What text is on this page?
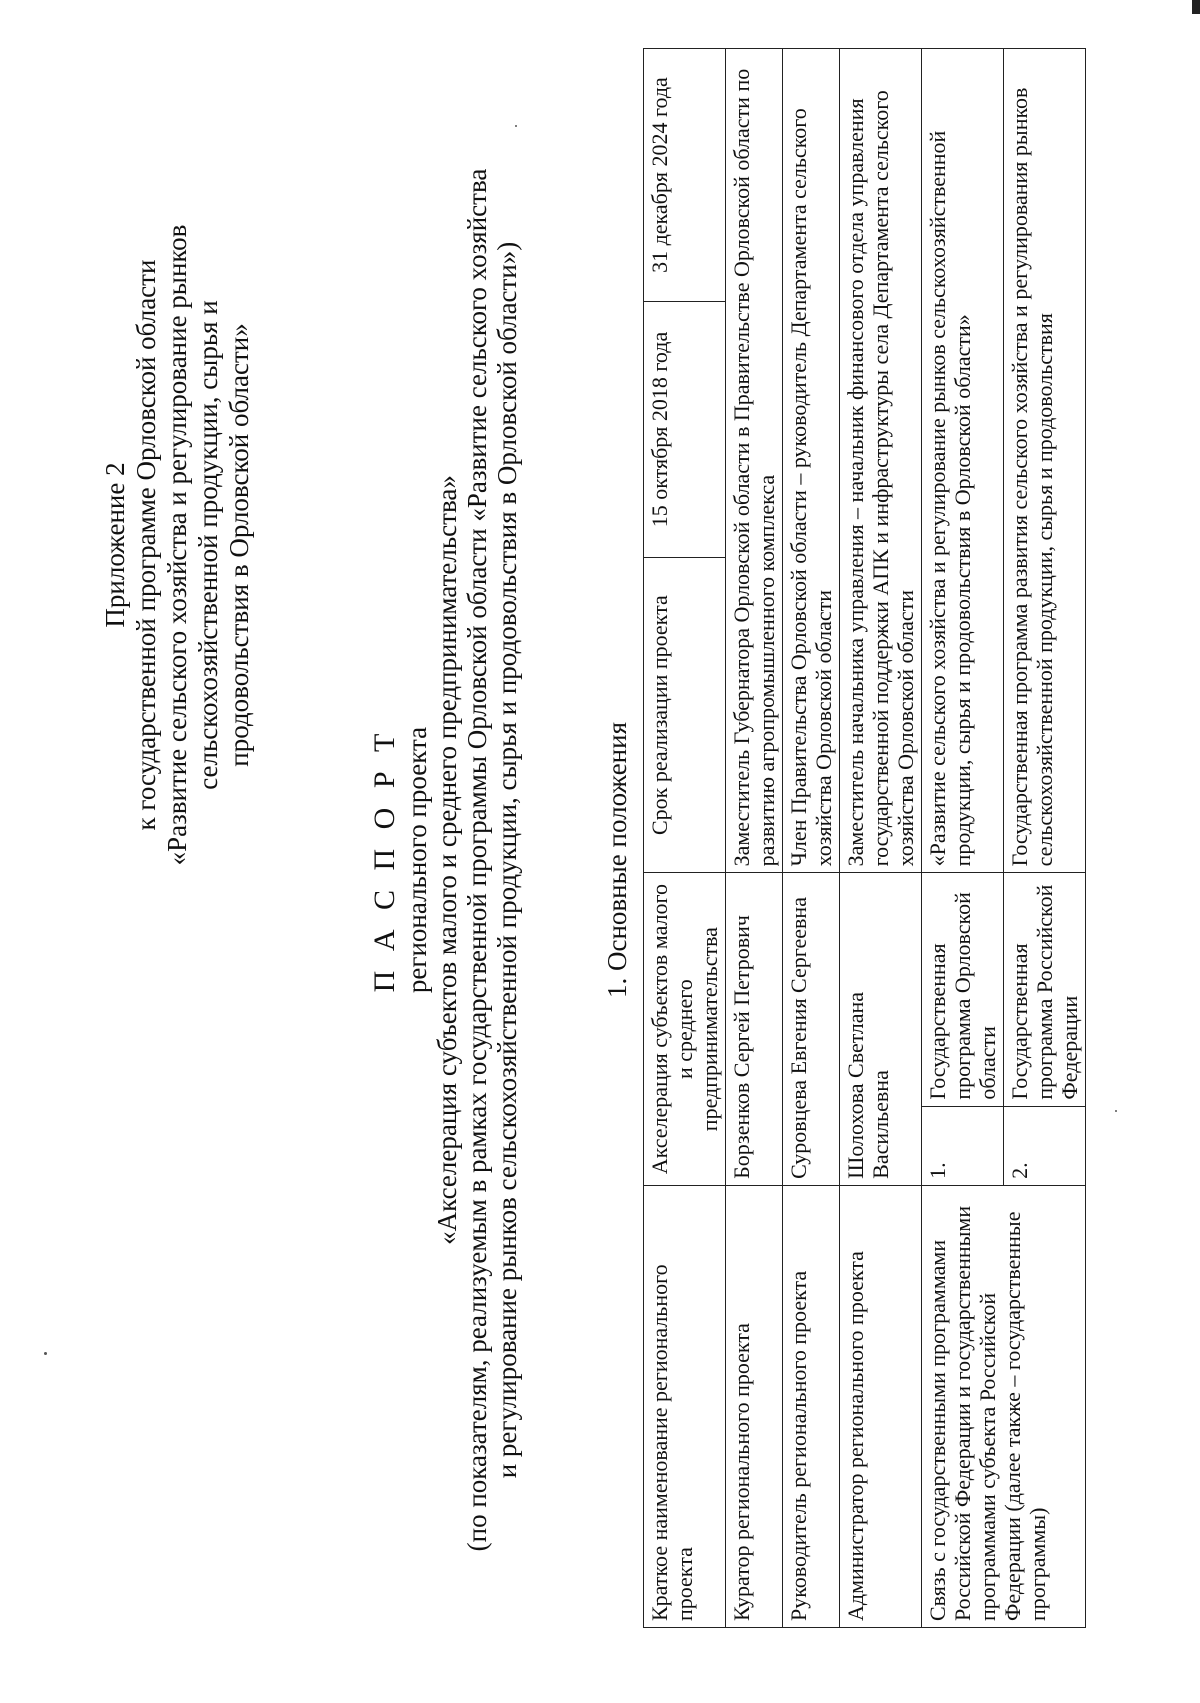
Приложение 2 к государственной программе Орловской области «Развитие сельского хозяйства и регулирование рынков сельскохозяйственной продукции, сырья и продовольствия в Орловской области»
П А С П О Р Т регионального проекта «Акселерация субъектов малого и среднего предпринимательства» (по показателям, реализуемым в рамках государственной программы Орловской области «Развитие сельского хозяйства и регулирование рынков сельскохозяйственной продукции, сырья и продовольствия в Орловской области»)	1. Основные положения
Краткое наименование регионального проекта	Акселерация субъектов малого и среднего предпринимательства		Срок реализации проекта	15 октября 2018 года	31 декабря 2024 года
Куратор регионального проекта	Борзенков Сергей Петрович		Заместитель Губернатора Орловской области в Правительстве Орловской области по развитию агропромышленного комплекса		
Руководитель регионального проекта	Суровцева Евгения Сергеевна		Член Правительства Орловской области – руководитель Департамента сельского хозяйства Орловской области		
Администратор регионального проекта	Шолохова Светлана Васильевна		Заместитель начальника управления – начальник финансового отдела управления государственной поддержки АПК и инфраструктуры села Департамента сельского хозяйства Орловской области		
Связь с государственными программами Российской Федерации и государственными программами субъекта Российской Федерации (далее также – государственные программы)	1.	Государственная программа Орловской области	«Развитие сельского хозяйства и регулирование рынков сельскохозяйственной продукции, сырья и продовольствия в Орловской области»		
	2.	Государственная программа Российской Федерации	Государственная программа развития сельского хозяйства и регулирования рынков сельскохозяйственной продукции, сырья и продовольствия		
